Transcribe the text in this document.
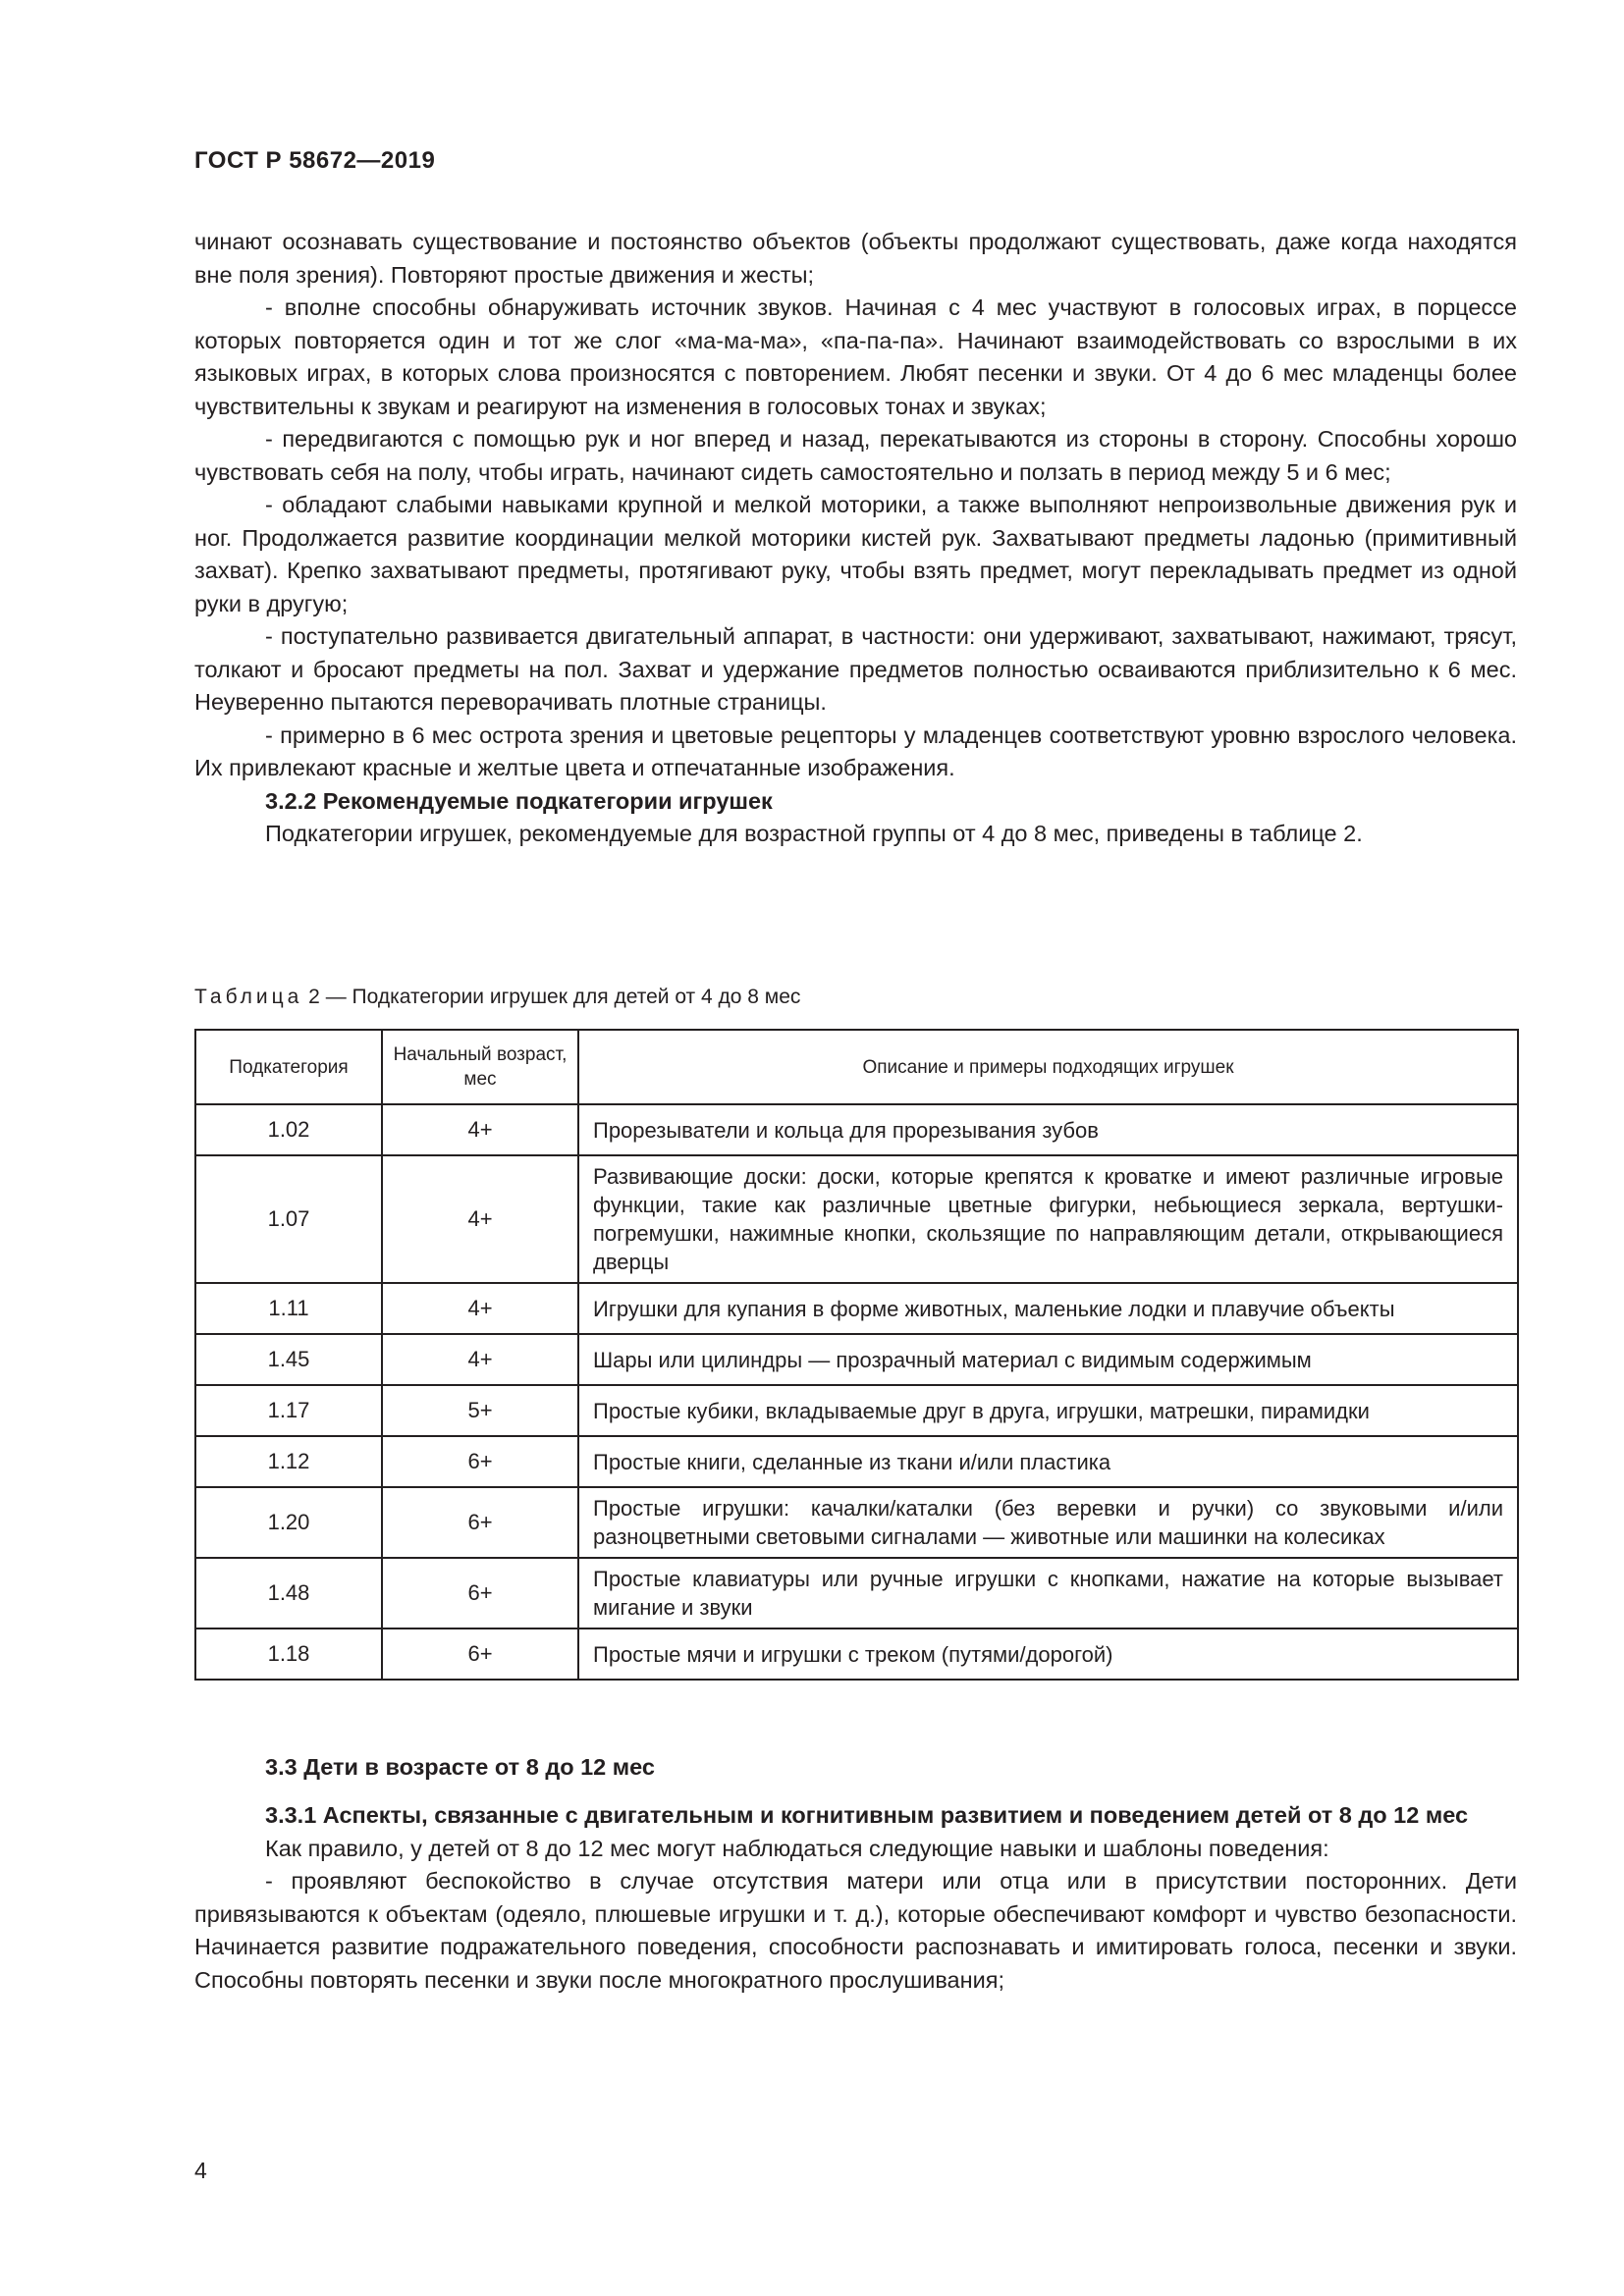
ГОСТ Р 58672—2019

чинают осознавать существование и постоянство объектов (объекты продолжают существовать, даже когда находятся вне поля зрения). Повторяют простые движения и жесты;

- вполне способны обнаруживать источник звуков. Начиная с 4 мес участвуют в голосовых играх, в порцессе которых повторяется один и тот же слог «ма-ма-ма», «па-па-па». Начинают взаимодействовать со взрослыми в их языковых играх, в которых слова произносятся с повторением. Любят песенки и звуки. От 4 до 6 мес младенцы более чувствительны к звукам и реагируют на изменения в голосовых тонах и звуках;

- передвигаются с помощью рук и ног вперед и назад, перекатываются из стороны в сторону. Способны хорошо чувствовать себя на полу, чтобы играть, начинают сидеть самостоятельно и ползать в период между 5 и 6 мес;

- обладают слабыми навыками крупной и мелкой моторики, а также выполняют непроизвольные движения рук и ног. Продолжается развитие координации мелкой моторики кистей рук. Захватывают предметы ладонью (примитивный захват). Крепко захватывают предметы, протягивают руку, чтобы взять предмет, могут перекладывать предмет из одной руки в другую;

- поступательно развивается двигательный аппарат, в частности: они удерживают, захватывают, нажимают, трясут, толкают и бросают предметы на пол. Захват и удержание предметов полностью осваиваются приблизительно к 6 мес. Неуверенно пытаются переворачивать плотные страницы.

- примерно в 6 мес острота зрения и цветовые рецепторы у младенцев соответствуют уровню взрослого человека. Их привлекают красные и желтые цвета и отпечатанные изображения.

3.2.2 Рекомендуемые подкатегории игрушек

Подкатегории игрушек, рекомендуемые для возрастной группы от 4 до 8 мес, приведены в таблице 2.

Таблица 2 — Подкатегории игрушек для детей от 4 до 8 мес
Подкатегория	Начальный возраст, мес	Описание и примеры подходящих игрушек
1.02	4+	Прорезыватели и кольца для прорезывания зубов
1.07	4+	Развивающие доски: доски, которые крепятся к кроватке и имеют различные игровые функции, такие как различные цветные фигурки, небьющиеся зеркала, вертушки-погремушки, нажимные кнопки, скользящие по направляющим детали, открывающиеся дверцы
1.11	4+	Игрушки для купания в форме животных, маленькие лодки и плавучие объекты
1.45	4+	Шары или цилиндры — прозрачный материал с видимым содержимым
1.17	5+	Простые кубики, вкладываемые друг в друга, игрушки, матрешки, пирамидки
1.12	6+	Простые книги, сделанные из ткани и/или пластика
1.20	6+	Простые игрушки: качалки/каталки (без веревки и ручки) со звуковыми и/или разноцветными световыми сигналами — животные или машинки на колесиках
1.48	6+	Простые клавиатуры или ручные игрушки с кнопками, нажатие на которые вызывает мигание и звуки
1.18	6+	Простые мячи и игрушки с треком (путями/дорогой)
3.3 Дети в возрасте от 8 до 12 мес

3.3.1 Аспекты, связанные с двигательным и когнитивным развитием и поведением детей от 8 до 12 мес

Как правило, у детей от 8 до 12 мес могут наблюдаться следующие навыки и шаблоны поведения:

- проявляют беспокойство в случае отсутствия матери или отца или в присутствии посторонних. Дети привязываются к объектам (одеяло, плюшевые игрушки и т. д.), которые обеспечивают комфорт и чувство безопасности. Начинается развитие подражательного поведения, способности распознавать и имитировать голоса, песенки и звуки. Способны повторять песенки и звуки после многократного прослушивания;

4
